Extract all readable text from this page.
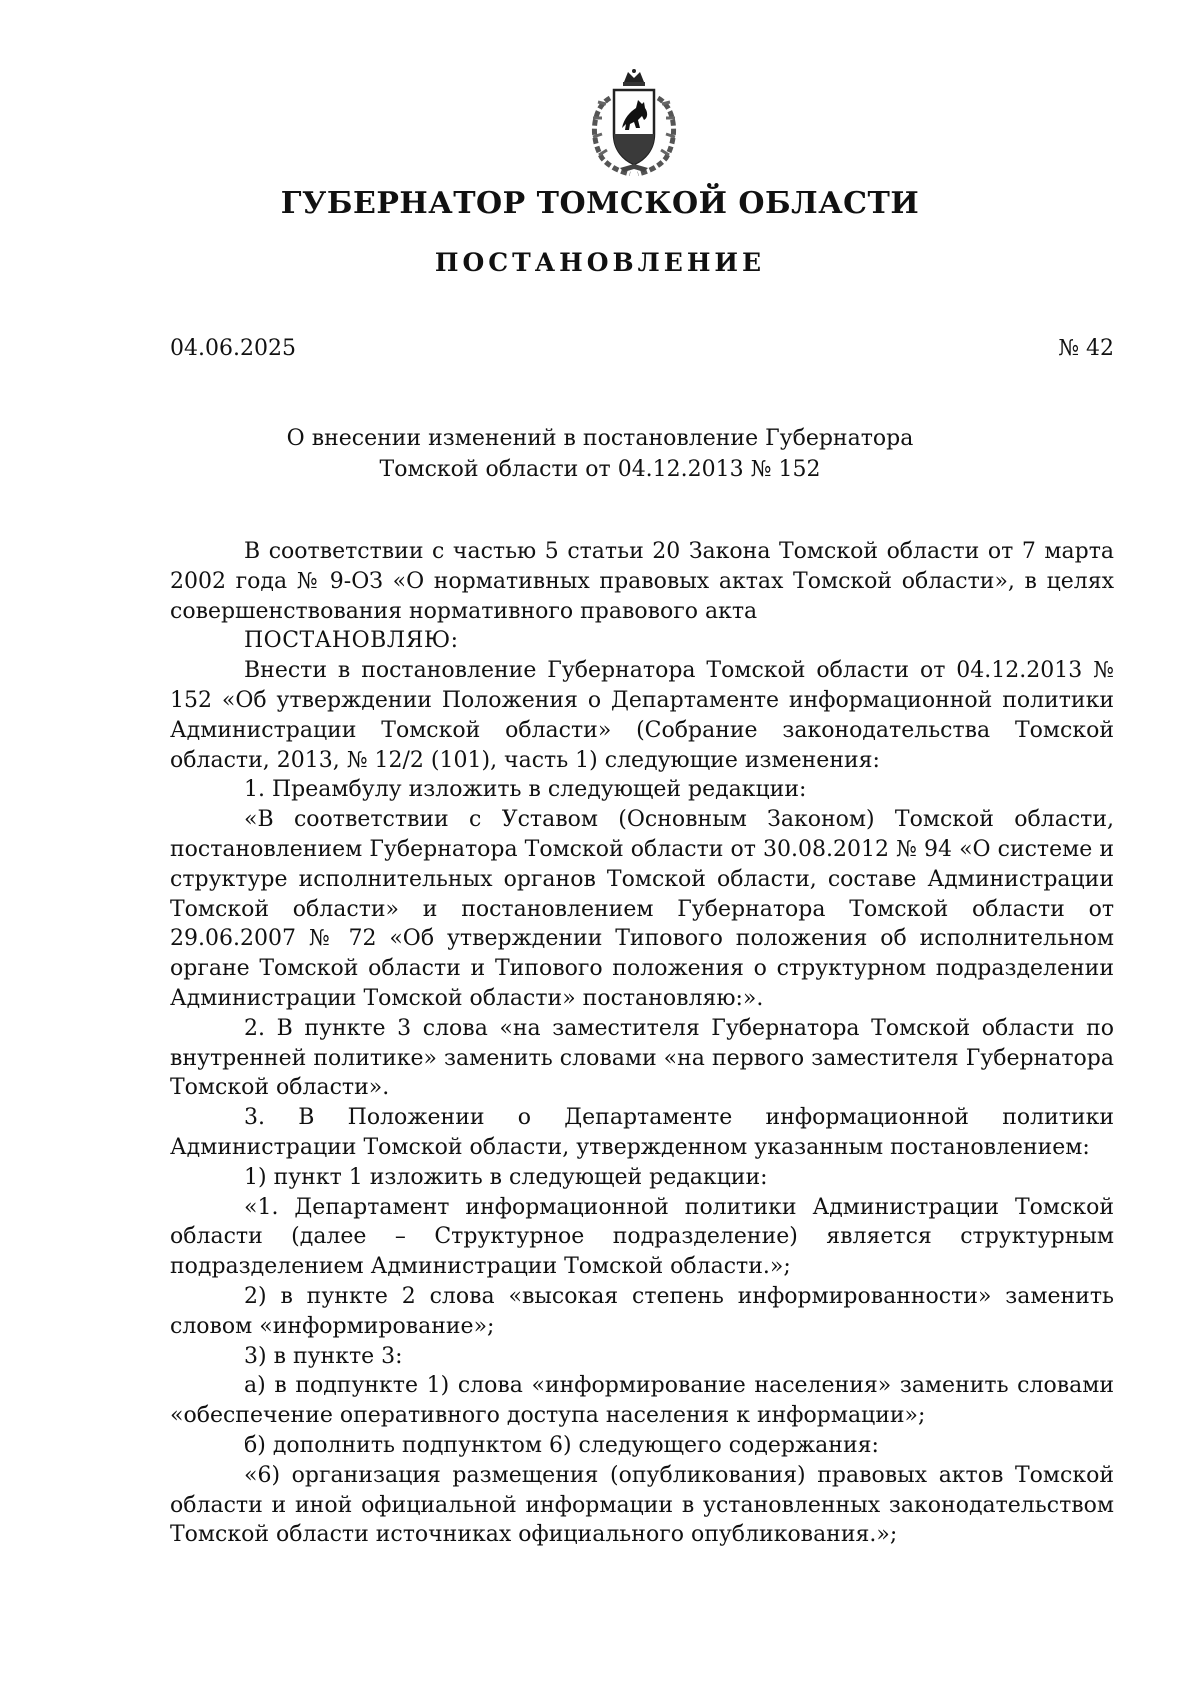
ГУБЕРНАТОР ТОМСКОЙ ОБЛАСТИ
ПОСТАНОВЛЕНИЕ
04.06.2025	№ 42
О внесении изменений в постановление Губернатора
Томской области от 04.12.2013 № 152

В соответствии с частью 5 статьи 20 Закона Томской области от 7 марта 2002 года № 9-ОЗ «О нормативных правовых актах Томской области», в целях совершенствования нормативного правового акта

ПОСТАНОВЛЯЮ:

Внести в постановление Губернатора Томской области от 04.12.2013 № 152 «Об утверждении Положения о Департаменте информационной политики Администрации Томской области» (Собрание законодательства Томской области, 2013, № 12/2 (101), часть 1) следующие изменения:

1. Преамбулу изложить в следующей редакции:

«В соответствии с Уставом (Основным Законом) Томской области, постановлением Губернатора Томской области от 30.08.2012 № 94 «О системе и структуре исполнительных органов Томской области, составе Администрации Томской области» и постановлением Губернатора Томской области от 29.06.2007 № 72 «Об утверждении Типового положения об исполнительном органе Томской области и Типового положения о структурном подразделении Администрации Томской области» постановляю:».

2. В пункте 3 слова «на заместителя Губернатора Томской области по внутренней политике» заменить словами «на первого заместителя Губернатора Томской области».

3. В Положении о Департаменте информационной политики Администрации Томской области, утвержденном указанным постановлением:

1) пункт 1 изложить в следующей редакции:

«1. Департамент информационной политики Администрации Томской области (далее – Структурное подразделение) является структурным подразделением Администрации Томской области.»;

2) в пункте 2 слова «высокая степень информированности» заменить словом «информирование»;

3) в пункте 3:

а) в подпункте 1) слова «информирование населения» заменить словами «обеспечение оперативного доступа населения к информации»;

б) дополнить подпунктом 6) следующего содержания:

«6) организация размещения (опубликования) правовых актов Томской области и иной официальной информации в установленных законодательством Томской области источниках официального опубликования.»;
